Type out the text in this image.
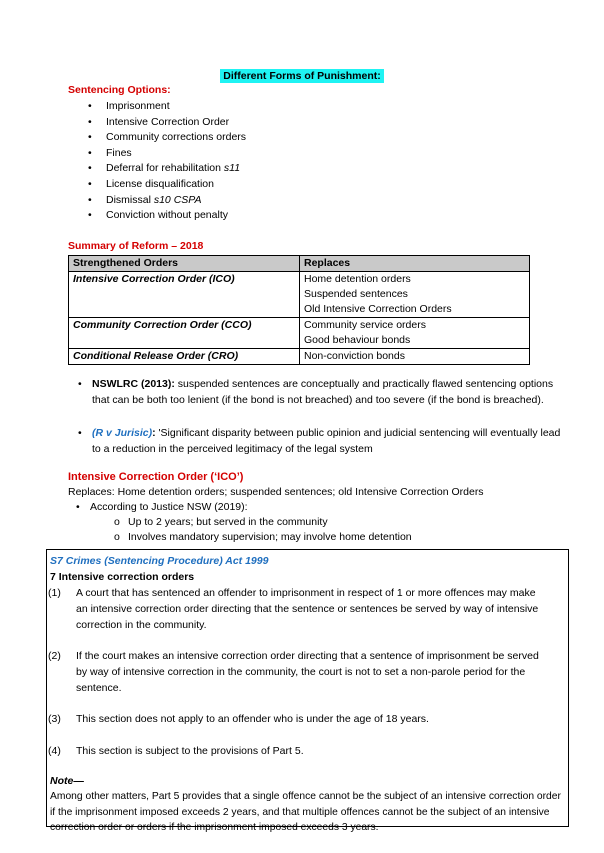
Different Forms of Punishment:
Sentencing Options:
• Imprisonment
• Intensive Correction Order
• Community corrections orders
• Fines
• Deferral for rehabilitation s11
• License disqualification
• Dismissal s10 CSPA
• Conviction without penalty
Summary of Reform – 2018
Strengthened Orders	Replaces
Intensive Correction Order (ICO)	Home detention orders
Suspended sentences
Old Intensive Correction Orders

Community Correction Order (CCO)	Community service orders
Good behaviour bonds

Conditional Release Order (CRO)	Non-conviction bonds
• NSWLRC (2013): suspended sentences are conceptually and practically flawed sentencing options that can be both too lenient (if the bond is not breached) and too severe (if the bond is breached).
• (R v Jurisic): 'Significant disparity between public opinion and judicial sentencing will eventually lead to a reduction in the perceived legitimacy of the legal system
Intensive Correction Order (‘ICO’)
Replaces: Home detention orders; suspended sentences; old Intensive Correction Orders
• According to Justice NSW (2019):
o Up to 2 years; but served in the community
o Involves mandatory supervision; may involve home detention
S7 Crimes (Sentencing Procedure) Act 1999
7 Intensive correction orders
(1) A court that has sentenced an offender to imprisonment in respect of 1 or more offences may make an intensive correction order directing that the sentence or sentences be served by way of intensive correction in the community.
(2) If the court makes an intensive correction order directing that a sentence of imprisonment be served by way of intensive correction in the community, the court is not to set a non-parole period for the sentence.
(3) This section does not apply to an offender who is under the age of 18 years.
(4) This section is subject to the provisions of Part 5.
Note—
Among other matters, Part 5 provides that a single offence cannot be the subject of an intensive correction order if the imprisonment imposed exceeds 2 years, and that multiple offences cannot be the subject of an intensive correction order or orders if the imprisonment imposed exceeds 3 years.
